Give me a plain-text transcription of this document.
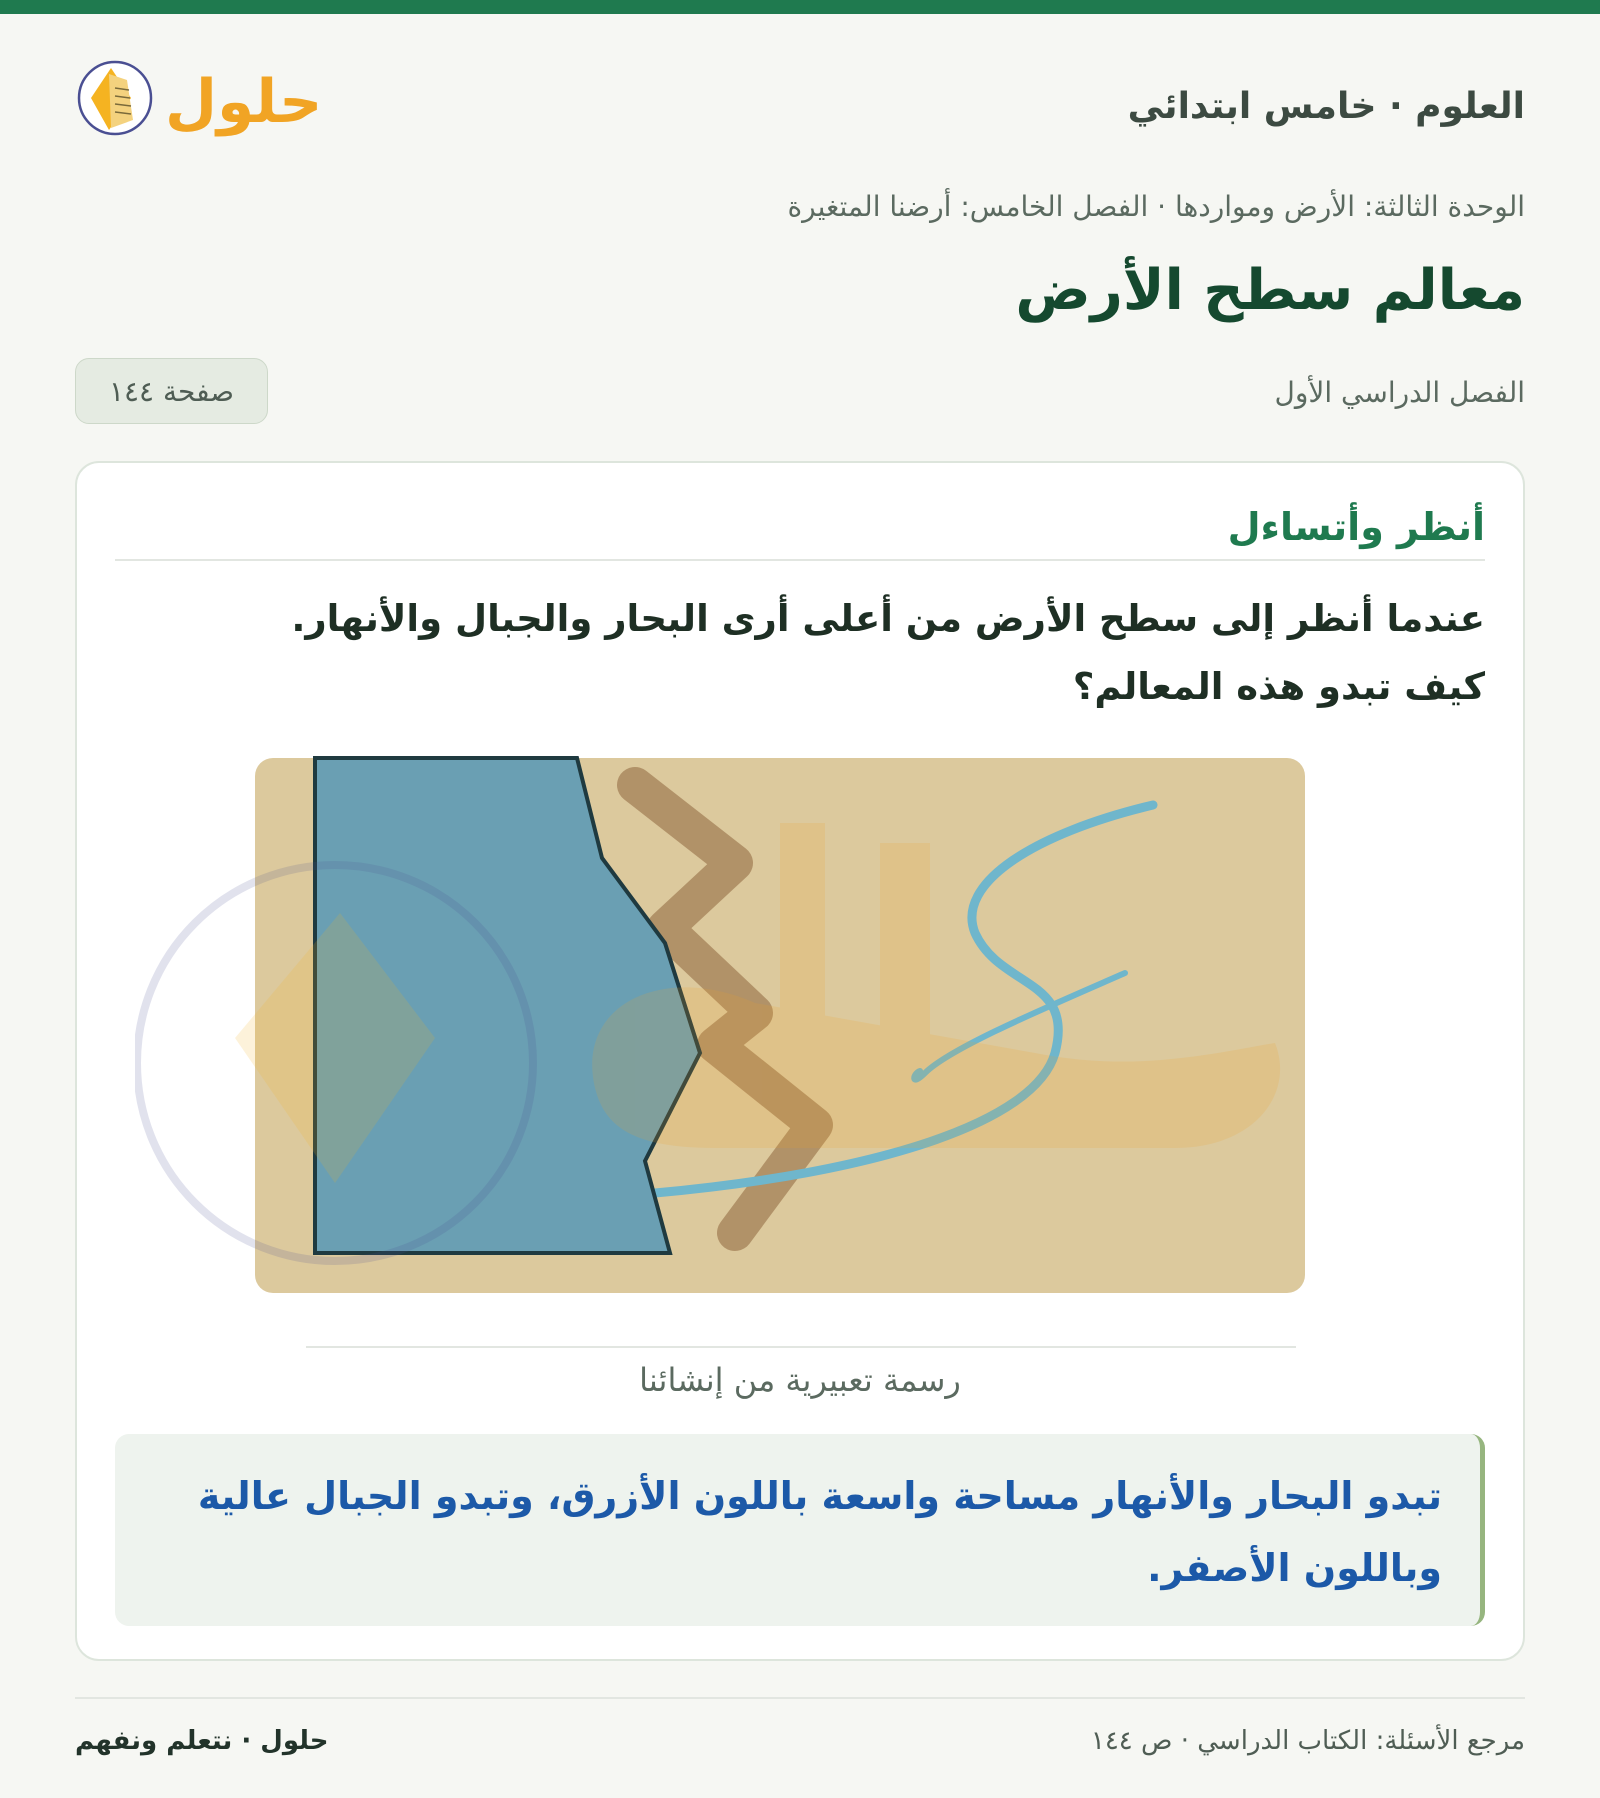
العلوم · خامس ابتدائي
حلول
الوحدة الثالثة: الأرض ومواردها · الفصل الخامس: أرضنا المتغيرة
معالم سطح الأرض
الفصل الدراسي الأول
صفحة ١٤٤
أنظر وأتساءل
عندما أنظر إلى سطح الأرض من أعلى أرى البحار والجبال والأنهار. كيف تبدو هذه المعالم؟
رسمة تعبيرية من إنشائنا
تبدو البحار والأنهار مساحة واسعة باللون الأزرق، وتبدو الجبال عالية وباللون الأصفر.
مرجع الأسئلة: الكتاب الدراسي · ص ١٤٤
حلول · نتعلم ونفهم
